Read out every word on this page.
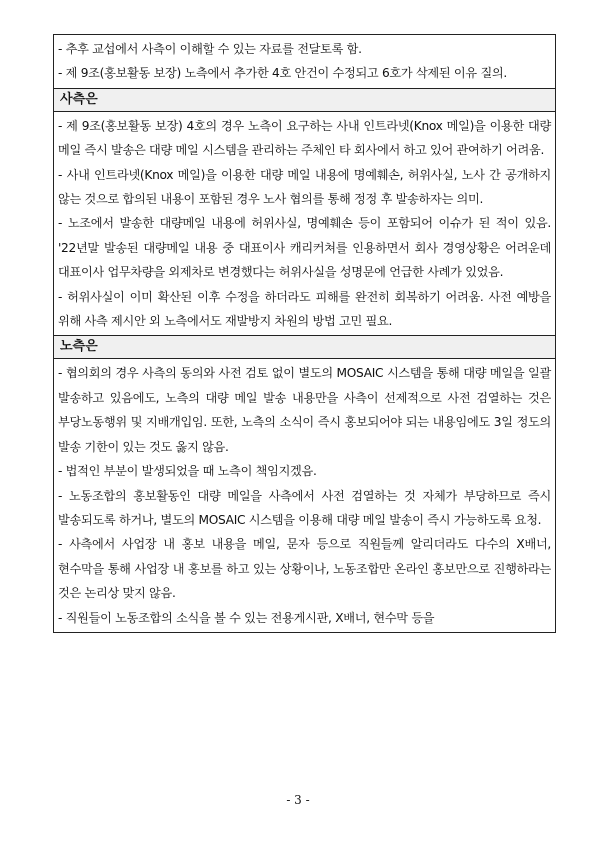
- 추후 교섭에서 사측이 이해할 수 있는 자료를 전달토록 함.

- 제 9조(홍보활동 보장) 노측에서 추가한 4호 안건이 수정되고 6호가 삭제된 이유 질의.

사측은

- 제 9조(홍보활동 보장) 4호의 경우 노측이 요구하는 사내 인트라넷(Knox 메일)을 이용한 대량 메일 즉시 발송은 대량 메일 시스템을 관리하는 주체인 타 회사에서 하고 있어 관여하기 어려움.

- 사내 인트라넷(Knox 메일)을 이용한 대량 메일 내용에 명예훼손, 허위사실, 노사 간 공개하지 않는 것으로 합의된 내용이 포함된 경우 노사 협의를 통해 정정 후 발송하자는 의미.

- 노조에서 발송한 대량메일 내용에 허위사실, 명예훼손 등이 포함되어 이슈가 된 적이 있음. '22년말 발송된 대량메일 내용 중 대표이사 캐리커쳐를 인용하면서 회사 경영상황은 어려운데 대표이사 업무차량을 외제차로 변경했다는 허위사실을 성명문에 언급한 사례가 있었음.

- 허위사실이 이미 확산된 이후 수정을 하더라도 피해를 완전히 회복하기 어려움. 사전 예방을 위해 사측 제시안 외 노측에서도 재발방지 차원의 방법 고민 필요.

노측은

- 협의회의 경우 사측의 동의와 사전 검토 없이 별도의 MOSAIC 시스템을 통해 대량 메일을 일괄 발송하고 있음에도, 노측의 대량 메일 발송 내용만을 사측이 선제적으로 사전 검열하는 것은 부당노동행위 및 지배개입임. 또한, 노측의 소식이 즉시 홍보되어야 되는 내용임에도 3일 정도의 발송 기한이 있는 것도 옳지 않음.

- 법적인 부분이 발생되었을 때 노측이 책임지겠음.

- 노동조합의 홍보활동인 대량 메일을 사측에서 사전 검열하는 것 자체가 부당하므로 즉시 발송되도록 하거나, 별도의 MOSAIC 시스템을 이용해 대량 메일 발송이 즉시 가능하도록 요청.

- 사측에서 사업장 내 홍보 내용을 메일, 문자 등으로 직원들께 알리더라도 다수의 X배너, 현수막을 통해 사업장 내 홍보를 하고 있는 상황이나, 노동조합만 온라인 홍보만으로 진행하라는 것은 논리상 맞지 않음.

- 직원들이 노동조합의 소식을 볼 수 있는 전용게시판, X배너, 현수막 등을

- 3 -
